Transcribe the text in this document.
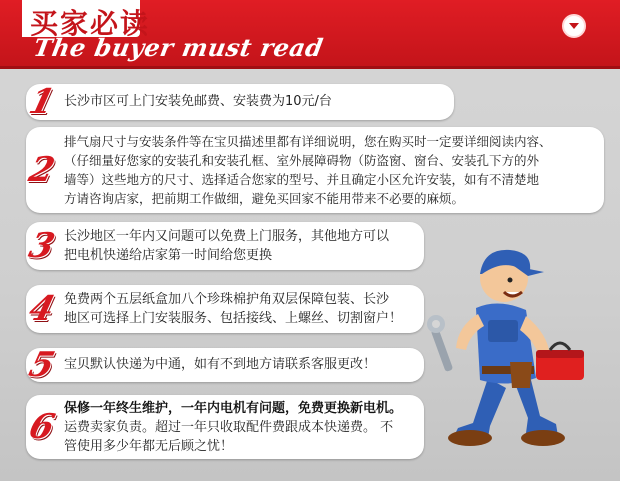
买家必读
The buyer must read
1 长沙市区可上门安装免邮费、安装费为10元/台
2
排气扇尺寸与安装条件等在宝贝描述里都有详细说明，您在购买时一定要详细阅读内容、
（仔细量好您家的安装孔和安装孔框、室外展障碍物（防盗窗、窗台、安装孔下方的外
墙等）这些地方的尺寸、选择适合您家的型号、并且确定小区允许安装，如有不清楚地
方请咨询店家，把前期工作做细，避免买回家不能用带来不必要的麻烦。
3 长沙地区一年内又问题可以免费上门服务，其他地方可以
把电机快递给店家第一时间给您更换
4 免费两个五层纸盒加八个珍珠棉护角双层保障包装、长沙
地区可选择上门安装服务、包括接线、上螺丝、切割窗户！
5 宝贝默认快递为中通，如有不到地方请联系客服更改！
6 保修一年终生维护，一年内电机有问题，免费更换新电机。
运费卖家负责。超过一年只收取配件费跟成本快递费。 不
管使用多少年都无后顾之忧！
